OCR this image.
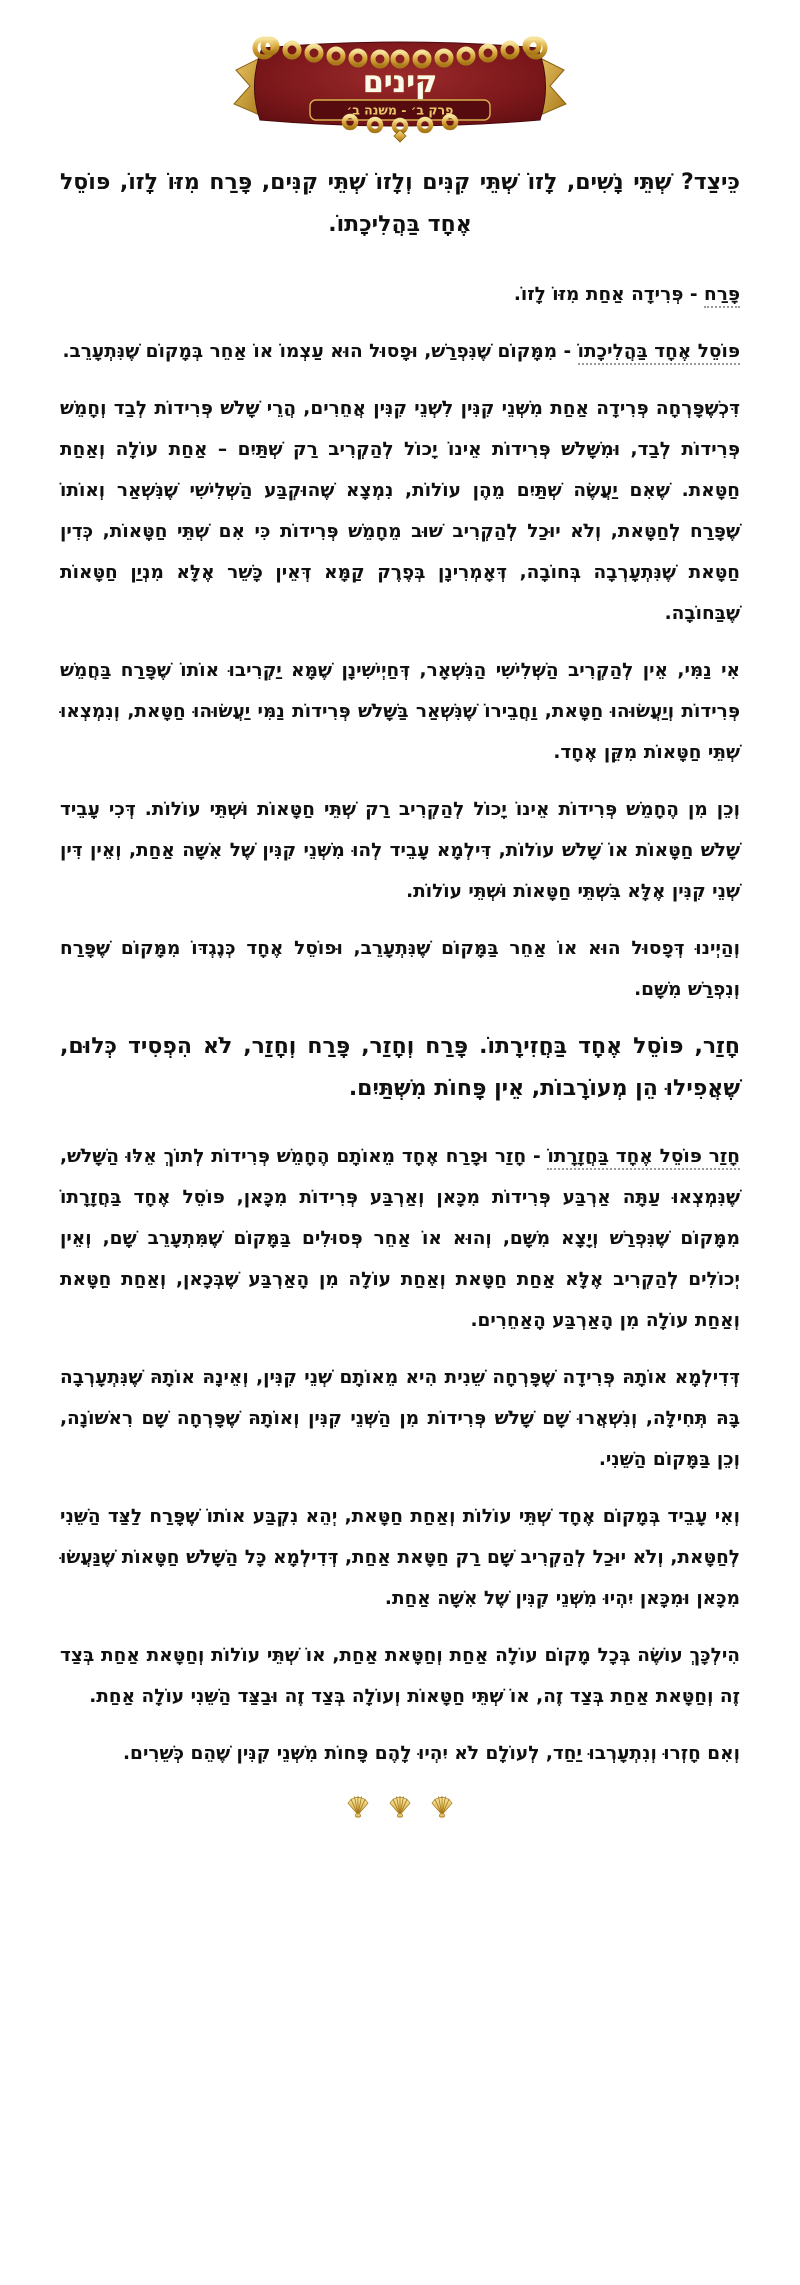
קינים
פרק ב׳ - משנה ב׳

כֵּיצַד? שְׁתֵּי נָשִׁים, לָזוֹ שְׁתֵּי קִנִּים וְלָזוֹ שְׁתֵּי קִנִּים, פָּרַח מִזּוֹ לָזוֹ, פּוֹסֵל אֶחָד בַּהֲלִיכָתוֹ.

פָּרַח - פְּרִידָה אַחַת מִזּוֹ לָזוֹ.

פּוֹסֵל אֶחָד בַּהֲלִיכָתוֹ - מִמָּקוֹם שֶׁנִּפְרַשׁ, וּפָסוּל הוּא עַצְמוֹ אוֹ אַחֵר בְּמָקוֹם שֶׁנִּתְעָרֵב.

דִּכְשֶׁפָּרְחָה פְּרִידָה אַחַת מִשְּׁנֵי קִנִּין לִשְׁנֵי קִנִּין אֲחֵרִים, הֲרֵי שָׁלֹשׁ פְּרִידוֹת לְבַד וְחָמֵשׁ פְּרִידוֹת לְבַד, וּמִשָּׁלֹשׁ פְּרִידוֹת אֵינוֹ יָכוֹל לְהַקְרִיב רַק שְׁתַּיִם – אַחַת עוֹלָה וְאַחַת חַטָּאת. שֶׁאִם יַעֲשֶׂה שְׁתַּיִם מֵהֶן עוֹלוֹת, נִמְצָא שֶׁהוּקְבַּע הַשְּׁלִישִׁי שֶׁנִּשְׁאַר וְאוֹתוֹ שֶׁפָּרַח לְחַטָּאת, וְלֹא יוּכַל לְהַקְרִיב שׁוּב מֵחָמֵשׁ פְּרִידוֹת כִּי אִם שְׁתֵּי חַטָּאוֹת, כְּדִין חַטָּאת שֶׁנִּתְעָרְבָה בְּחוֹבָה, דְּאָמְרִינָן בְּפֶרֶק קַמָּא דְּאֵין כָּשֵׁר אֶלָּא מִנְיַן חַטָּאוֹת שֶׁבַּחוֹבָה.

אִי נַמִּי, אֵין לְהַקְרִיב הַשְּׁלִישִׁי הַנִּשְׁאָר, דְּחַיְישִׁינָן שֶׁמָּא יַקְרִיבוּ אוֹתוֹ שֶׁפָּרַח בַּחֲמֵשׁ פְּרִידוֹת וְיַעֲשׂוּהוּ חַטָּאת, וַחֲבֵירוֹ שֶׁנִּשְׁאַר בַּשָּׁלֹשׁ פְּרִידוֹת נַמִּי יַעֲשׂוּהוּ חַטָּאת, וְנִמְצְאוּ שְׁתֵּי חַטָּאוֹת מִקֵּן אֶחָד.

וְכֵן מִן הֶחָמֵשׁ פְּרִידוֹת אֵינוֹ יָכוֹל לְהַקְרִיב רַק שְׁתֵּי חַטָּאוֹת וּשְׁתֵּי עוֹלוֹת. דְּכִי עָבֵיד שָׁלֹשׁ חַטָּאוֹת אוֹ שָׁלֹשׁ עוֹלוֹת, דִּילְמָא עָבֵיד לְהוּ מִשְּׁנֵי קִנִּין שֶׁל אִשָּׁה אַחַת, וְאֵין דִּין שְׁנֵי קִנִּין אֶלָּא בִּשְׁתֵּי חַטָּאוֹת וּשְׁתֵּי עוֹלוֹת.

וְהַיְינוּ דְּפָסוּל הוּא אוֹ אַחֵר בַּמָּקוֹם שֶׁנִּתְעָרֵב, וּפוֹסֵל אֶחָד כְּנֶגְדּוֹ מִמָּקוֹם שֶׁפָּרַח וְנִפְרַשׁ מִשָּׁם.

חָזַר, פּוֹסֵל אֶחָד בַּחֲזִירָתוֹ. פָּרַח וְחָזַר, פָּרַח וְחָזַר, לֹא הִפְסִיד כְּלוּם, שֶׁאֲפִילוּ הֵן מְעוֹרָבוֹת, אֵין פָּחוֹת מִשְּׁתַּיִם.

חָזַר פּוֹסֵל אֶחָד בַּחֲזָרָתוֹ - חָזַר וּפָרַח אֶחָד מֵאוֹתָם הֶחָמֵשׁ פְּרִידוֹת לְתוֹךְ אֵלּוּ הַשָּׁלֹשׁ, שֶׁנִּמְצְאוּ עַתָּה אַרְבַּע פְּרִידוֹת מִכָּאן וְאַרְבַּע פְּרִידוֹת מִכָּאן, פּוֹסֵל אֶחָד בַּחֲזָרָתוֹ מִמָּקוֹם שֶׁנִּפְרַשׁ וְיָצָא מִשָּׁם, וְהוּא אוֹ אַחֵר פְּסוּלִים בַּמָּקוֹם שֶׁמִּתְעָרֵב שָׁם, וְאֵין יְכוֹלִים לְהַקְרִיב אֶלָּא אַחַת חַטָּאת וְאַחַת עוֹלָה מִן הָאַרְבַּע שֶׁבְּכָאן, וְאַחַת חַטָּאת וְאַחַת עוֹלָה מִן הָאַרְבַּע הָאַחֵרִים.

דְּדִילְמָא אוֹתָהּ פְּרִידָה שֶׁפָּרְחָה שֵׁנִית הִיא מֵאוֹתָם שְׁנֵי קִנִּין, וְאֵינָהּ אוֹתָהּ שֶׁנִּתְעָרְבָה בָּהּ תְּחִילָּה, וְנִשְׁאֲרוּ שָׁם שָׁלֹשׁ פְּרִידוֹת מִן הַשְּׁנֵי קִנִּין וְאוֹתָהּ שֶׁפָּרְחָה שָׁם רִאשׁוֹנָה, וְכֵן בַּמָּקוֹם הַשֵּׁנִי.

וְאִי עָבֵיד בְּמָקוֹם אֶחָד שְׁתֵּי עוֹלוֹת וְאַחַת חַטָּאת, יְהֵא נִקְבַּע אוֹתוֹ שֶׁפָּרַח לַצַּד הַשֵּׁנִי לְחַטָּאת, וְלֹא יוּכַל לְהַקְרִיב שָׁם רַק חַטָּאת אַחַת, דְּדִילְמָא כָּל הַשָּׁלֹשׁ חַטָּאוֹת שֶׁנַּעֲשׂוּ מִכָּאן וּמִכָּאן יִהְיוּ מִשְּׁנֵי קִנִּין שֶׁל אִשָּׁה אַחַת.

הִילְכָּךְ עוֹשֶׂה בְּכָל מָקוֹם עוֹלָה אַחַת וְחַטָּאת אַחַת, אוֹ שְׁתֵּי עוֹלוֹת וְחַטָּאת אַחַת בְּצַד זֶה וְחַטָּאת אַחַת בְּצַד זֶה, אוֹ שְׁתֵּי חַטָּאוֹת וְעוֹלָה בְּצַד זֶה וּבַצַּד הַשֵּׁנִי עוֹלָה אַחַת.

וְאִם חָזְרוּ וְנִתְעָרְבוּ יַחַד, לְעוֹלָם לֹא יִהְיוּ לָהֶם פָּחוֹת מִשְּׁנֵי קִנִּין שֶׁהֵם כְּשֵׁרִים.
